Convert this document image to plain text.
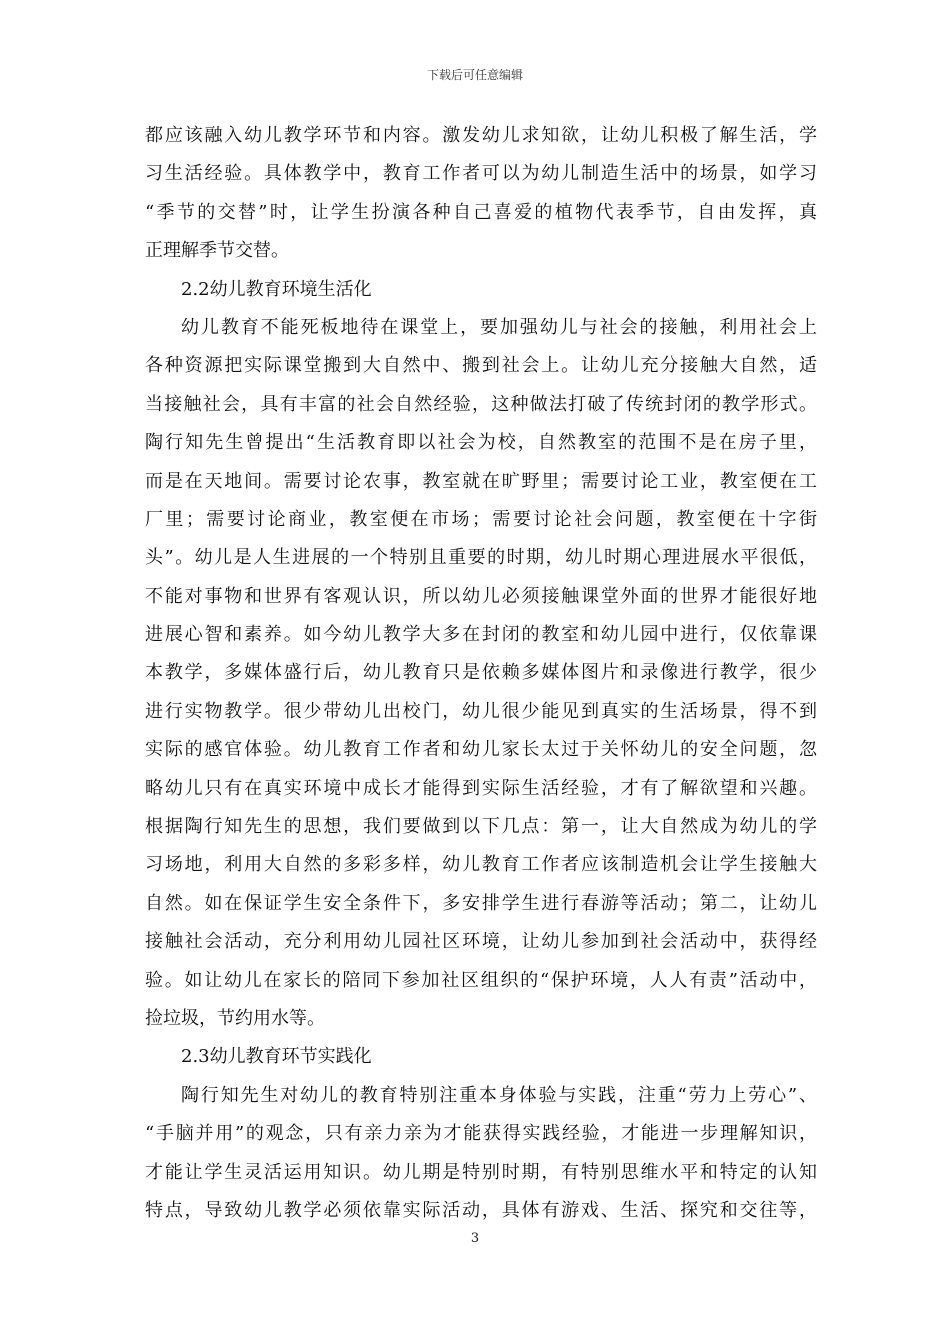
下载后可任意编辑
都应该融入幼儿教学环节和内容。激发幼儿求知欲，让幼儿积极了解生活，学
习生活经验。具体教学中，教育工作者可以为幼儿制造生活中的场景，如学习
“季节的交替”时，让学生扮演各种自己喜爱的植物代表季节，自由发挥，真
正理解季节交替。
2.2幼儿教育环境生活化
幼儿教育不能死板地待在课堂上，要加强幼儿与社会的接触，利用社会上
各种资源把实际课堂搬到大自然中、搬到社会上。让幼儿充分接触大自然，适
当接触社会，具有丰富的社会自然经验，这种做法打破了传统封闭的教学形式。
陶行知先生曾提出“生活教育即以社会为校，自然教室的范围不是在房子里，
而是在天地间。需要讨论农事，教室就在旷野里；需要讨论工业，教室便在工
厂里；需要讨论商业，教室便在市场；需要讨论社会问题，教室便在十字街
头”。幼儿是人生进展的一个特别且重要的时期，幼儿时期心理进展水平很低，
不能对事物和世界有客观认识，所以幼儿必须接触课堂外面的世界才能很好地
进展心智和素养。如今幼儿教学大多在封闭的教室和幼儿园中进行，仅依靠课
本教学，多媒体盛行后，幼儿教育只是依赖多媒体图片和录像进行教学，很少
进行实物教学。很少带幼儿出校门，幼儿很少能见到真实的生活场景，得不到
实际的感官体验。幼儿教育工作者和幼儿家长太过于关怀幼儿的安全问题，忽
略幼儿只有在真实环境中成长才能得到实际生活经验，才有了解欲望和兴趣。
根据陶行知先生的思想，我们要做到以下几点：第一，让大自然成为幼儿的学
习场地，利用大自然的多彩多样，幼儿教育工作者应该制造机会让学生接触大
自然。如在保证学生安全条件下，多安排学生进行春游等活动；第二，让幼儿
接触社会活动，充分利用幼儿园社区环境，让幼儿参加到社会活动中，获得经
验。如让幼儿在家长的陪同下参加社区组织的“保护环境，人人有责”活动中，
捡垃圾，节约用水等。
2.3幼儿教育环节实践化
陶行知先生对幼儿的教育特别注重本身体验与实践，注重“劳力上劳心”、
“手脑并用”的观念，只有亲力亲为才能获得实践经验，才能进一步理解知识，
才能让学生灵活运用知识。幼儿期是特别时期，有特别思维水平和特定的认知
特点，导致幼儿教学必须依靠实际活动，具体有游戏、生活、探究和交往等，
3
